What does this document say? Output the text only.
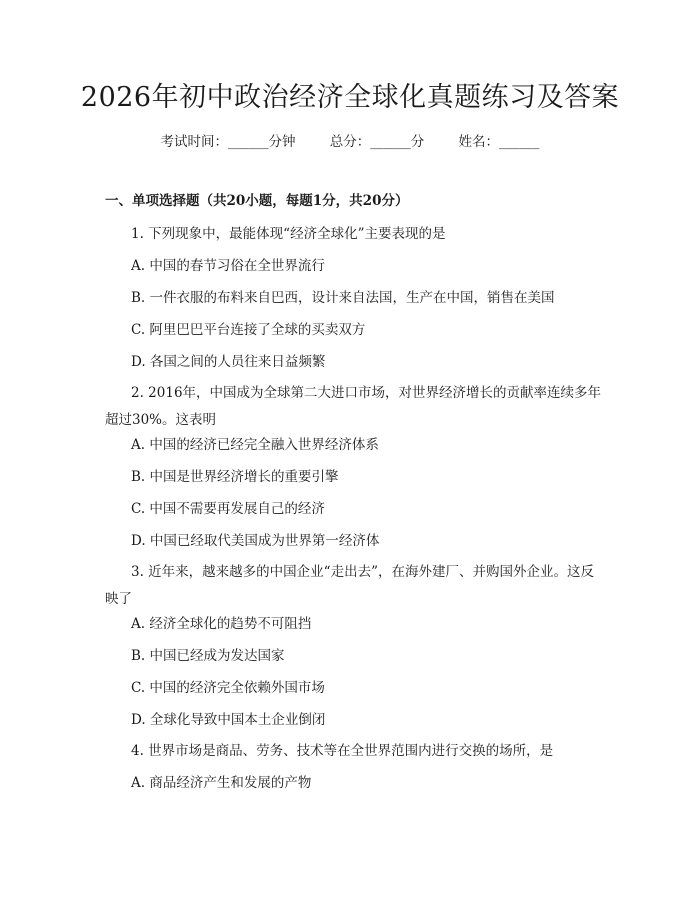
2026年初中政治经济全球化真题练习及答案
考试时间：______分钟	总分：______分	姓名：______
一、单项选择题（共20小题，每题1分，共20分）
1. 下列现象中，最能体现“经济全球化”主要表现的是
A. 中国的春节习俗在全世界流行
B. 一件衣服的布料来自巴西，设计来自法国，生产在中国，销售在美国
C. 阿里巴巴平台连接了全球的买卖双方
D. 各国之间的人员往来日益频繁
2. 2016年，中国成为全球第二大进口市场，对世界经济增长的贡献率连续多年超过30%。这表明
A. 中国的经济已经完全融入世界经济体系
B. 中国是世界经济增长的重要引擎
C. 中国不需要再发展自己的经济
D. 中国已经取代美国成为世界第一经济体
3. 近年来，越来越多的中国企业“走出去”，在海外建厂、并购国外企业。这反映了
A. 经济全球化的趋势不可阻挡
B. 中国已经成为发达国家
C. 中国的经济完全依赖外国市场
D. 全球化导致中国本土企业倒闭
4. 世界市场是商品、劳务、技术等在全世界范围内进行交换的场所，是
A. 商品经济产生和发展的产物
